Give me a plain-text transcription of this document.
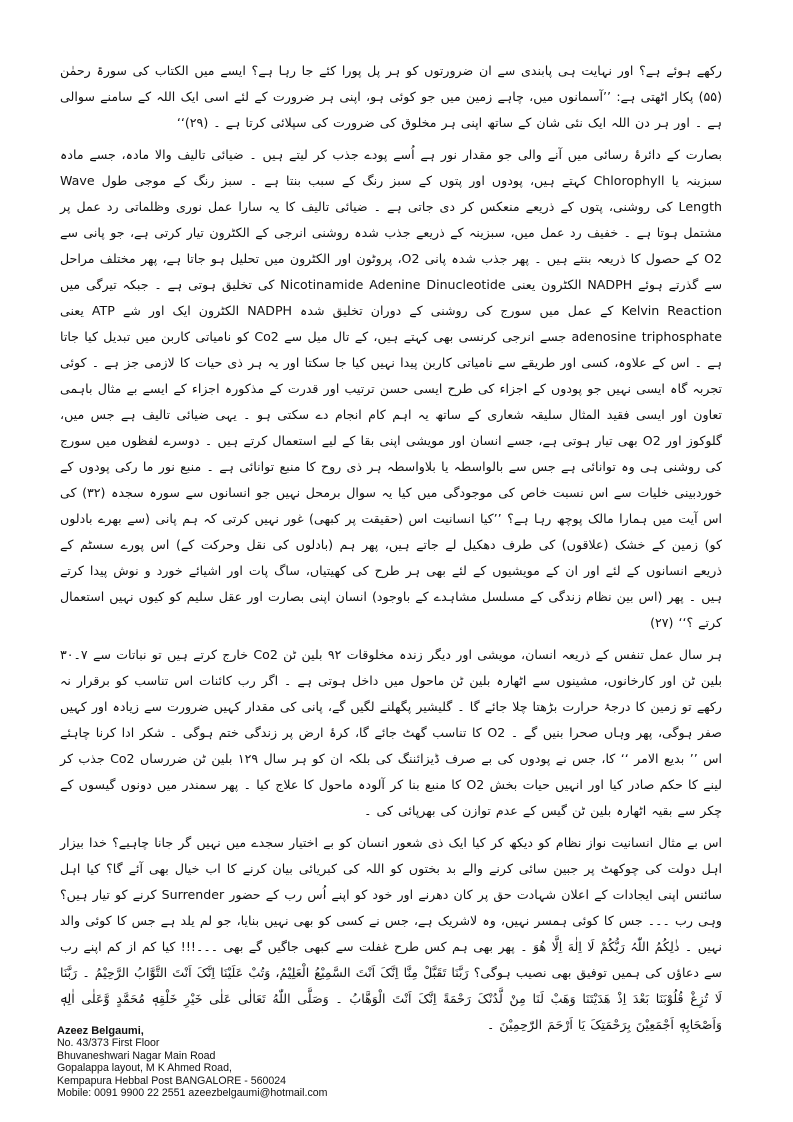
رکھے ہوئے ہے؟ اور نہایت ہی پابندی سے ان ضرورتوں کو ہر پل پورا کئے جا رہا ہے؟ ایسے میں الکتاب کی سورۃ رحمٰن (۵۵) پکار اٹھتی ہے: ’’آسمانوں میں، چاہے زمین میں جو کوئی ہو، اپنی ہر ضرورت کے لئے اسی ایک اللہ کے سامنے سوالی ہے ۔ اور ہر دن اللہ ایک نئی شان کے ساتھ اپنی ہر مخلوق کی ضرورت کی سپلائی کرتا ہے ۔ (۲۹)‘‘

بصارت کے دائرۂ رسائی میں آنے والی جو مقدار نور ہے اُسے پودے جذب کر لیتے ہیں ۔ ضیائی تالیف والا مادہ، جسے مادہ سبزینہ یا Chlorophyll کہتے ہیں، پودوں اور پتوں کے سبز رنگ کے سبب بنتا ہے ۔ سبز رنگ کے موجی طول Wave Length کی روشنی، پتوں کے ذریعے منعکس کر دی جاتی ہے ۔ ضیائی تالیف کا یہ سارا عمل نوری وظلماتی رد عمل پر مشتمل ہوتا ہے ۔ خفیف رد عمل میں، سبزینہ کے ذریعے جذب شدہ روشنی انرجی کے الکٹرون تیار کرتی ہے، جو پانی سے O2 کے حصول کا ذریعہ بنتے ہیں ۔ پھر جذب شدہ پانی O2، پروٹون اور الکٹرون میں تحلیل ہو جاتا ہے، پھر مختلف مراحل سے گذرتے ہوئے NADPH الکٹرون یعنی Nicotinamide Adenine Dinucleotide کی تخلیق ہوتی ہے ۔ جبکہ تیرگی میں Kelvin Reaction کے عمل میں سورج کی روشنی کے دوران تخلیق شدہ NADPH الکٹرون ایک اور شے ATP یعنی adenosine triphosphate جسے انرجی کرنسی بھی کہتے ہیں، کے تال میل سے Co2 کو نامیاتی کاربن میں تبدیل کیا جاتا ہے ۔ اس کے علاوہ، کسی اور طریقے سے نامیاتی کاربن پیدا نہیں کیا جا سکتا اور یہ ہر ذی حیات کا لازمی جز ہے ۔ کوئی تجربہ گاہ ایسی نہیں جو پودوں کے اجزاء کی طرح ایسی حسن ترتیب اور قدرت کے مذکورہ اجزاء کے ایسے بے مثال باہمی تعاون اور ایسی فقید المثال سلیقہ شعاری کے ساتھ یہ اہم کام انجام دے سکتی ہو ۔ یہی ضیائی تالیف ہے جس میں، گلوکوز اور O2 بھی تیار ہوتی ہے، جسے انسان اور مویشی اپنی بقا کے لیے استعمال کرتے ہیں ۔ دوسرے لفظوں میں سورج کی روشنی ہی وہ توانائی ہے جس سے بالواسطہ یا بلاواسطہ ہر ذی روح کا منبع توانائی ہے ۔ منبع نور ما رکی پودوں کے خوردبینی خلیات سے اس نسبت خاص کی موجودگی میں کیا یہ سوال برمحل نہیں جو انسانوں سے سورہ سجدہ (۳۲) کی اس آیت میں ہمارا مالک پوچھ رہا ہے؟ ’’کیا انسانیت اس (حقیقت پر کبھی) غور نہیں کرتی کہ ہم پانی (سے بھرے بادلوں کو) زمین کے خشک (علاقوں) کی طرف دھکیل لے جاتے ہیں، پھر ہم (بادلوں کی نقل وحرکت کے) اس پورے سسٹم کے ذریعے انسانوں کے لئے اور ان کے مویشیوں کے لئے بھی ہر طرح کی کھیتیاں، ساگ پات اور اشیائے خورد و نوش پیدا کرتے ہیں ۔ پھر (اس بین نظام زندگی کے مسلسل مشاہدے کے باوجود) انسان اپنی بصارت اور عقل سلیم کو کیوں نہیں استعمال کرتے ؟‘‘ (۲۷)

ہر سال عمل تنفس کے ذریعہ انسان، مویشی اور دیگر زندہ مخلوقات ۹۲ بلین ٹن Co2 خارج کرتے ہیں تو نباتات سے ۷۔۳۰ بلین ٹن اور کارخانوں، مشینوں سے اٹھارہ بلین ٹن ماحول میں داخل ہوتی ہے ۔ اگر رب کائنات اس تناسب کو برقرار نہ رکھے تو زمین کا درجۂ حرارت بڑھتا چلا جائے گا ۔ گلیشیر پگھلنے لگیں گے، پانی کی مقدار کہیں ضرورت سے زیادہ اور کہیں صفر ہوگی، پھر وہاں صحرا بنیں گے ۔ O2 کا تناسب گھٹ جائے گا، کرۂ ارض پر زندگی ختم ہوگی ۔ شکر ادا کرنا چاہئے اس ’’ بدیع الامر ‘‘ کا، جس نے پودوں کی بے صرف ڈیزائننگ کی بلکہ ان کو ہر سال ۱۲۹ بلین ٹن ضررساں Co2 جذب کر لینے کا حکم صادر کیا اور انہیں حیات بخش O2 کا منبع بنا کر آلودہ ماحول کا علاج کیا ۔ پھر سمندر میں دونوں گیسوں کے چکر سے بقیہ اٹھارہ بلین ٹن گیس کے عدم توازن کی بھرپائی کی ۔

اس بے مثال انسانیت نواز نظام کو دیکھ کر کیا ایک ذی شعور انسان کو بے اختیار سجدے میں نہیں گر جانا چاہیے؟ خدا بیزار اہل دولت کی چوکھٹ پر جبین سائی کرنے والے بد بختوں کو اللہ کی کبریائی بیان کرنے کا اب خیال بھی آئے گا؟ کیا اہل سائنس اپنی ایجادات کے اعلان شہادت حق پر کان دھرنے اور خود کو اپنے اُس رب کے حضور Surrender کرنے کو تیار ہیں؟ وہی رب ۔۔۔ جس کا کوئی ہمسر نہیں، وہ لاشریک ہے، جس نے کسی کو بھی نہیں بنایا، جو لم یلد ہے جس کا کوئی والد نہیں ۔ ذٰلِکُمُ اللّٰہُ رَبُّکُمْ لَا اِلٰهَ اِلَّا هُوَ ۔ پھر بھی ہم کس طرح غفلت سے کبھی جاگیں گے بھی ۔۔۔!!! کیا کم از کم اپنے رب سے دعاؤں کی ہمیں توفیق بھی نصیب ہوگی؟ رَبَّنَا تَقَبَّلْ مِنَّا اِنَّکَ اَنْتَ السَّمِیْعُ الْعَلِیْمُ، وَتُبْ عَلَیْنَا اِنَّکَ اَنْتَ التَّوَّابُ الرَّحِیْمُ ۔ رَبَّنَا لَا تُزِغْ قُلُوْبَنَا بَعْدَ اِذْ هَدَیْتَنَا وَهَبْ لَنَا مِنْ لَّدُنْکَ رَحْمَةً اِنَّکَ اَنْتَ الْوَهَّابُ ۔ وَصَلَّی اللّٰهُ تَعَالٰی عَلٰی خَیْرِ خَلْقِهٖ مُحَمَّدٍ وَّعَلٰی اٰلِهٖ وَاَصْحَابِهٖ اَجْمَعِیْنَ بِرَحْمَتِکَ یَا اَرْحَمَ الرّٰحِمِیْنَ ۔

Azeez Belgaumi,
No. 43/373 First Floor
Bhuvaneshwari Nagar Main Road
Gopalappa layout, M K Ahmed Road,
Kempapura Hebbal Post BANGALORE - 560024
Mobile: 0091 9900 22 2551 azeezbelgaumi@hotmail.com
